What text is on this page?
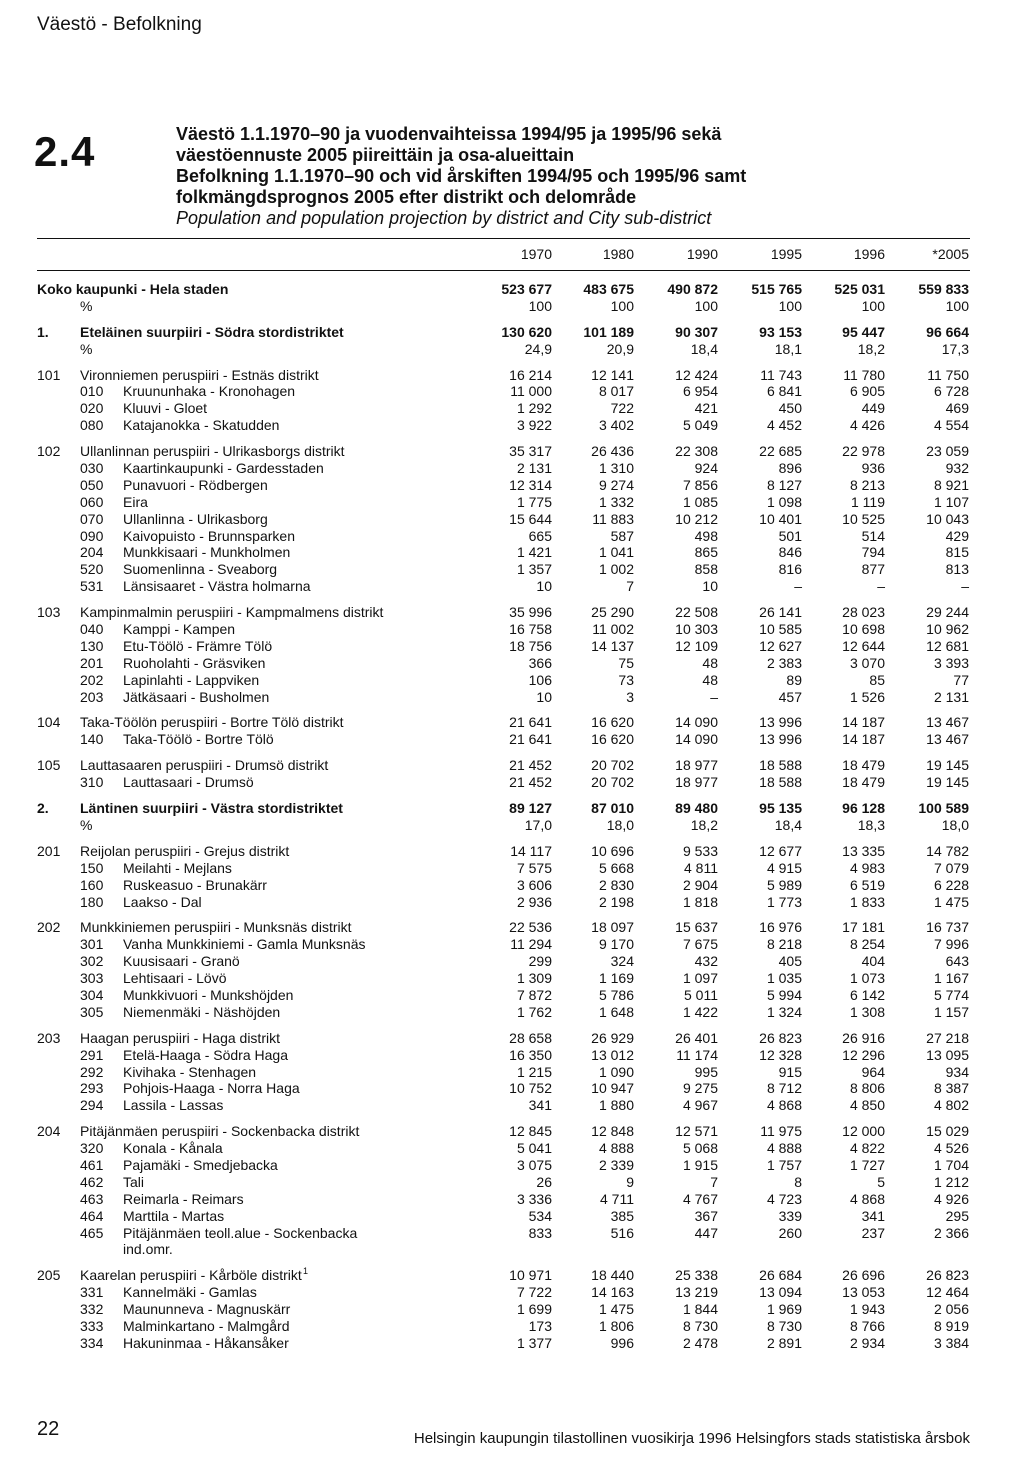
Väestö - Befolkning
2.4	Väestö 1.1.1970–90 ja vuodenvaihteissa 1994/95 ja 1995/96 sekä
väestöennuste 2005 piireittäin ja osa-alueittain
Befolkning 1.1.1970–90 och vid årskiften 1994/95 och 1995/96 samt
folkmängdsprognos 2005 efter distrikt och delområde
Population and population projection by district and City sub-district
1970	1980	1990	1995	1996	*2005
Koko kaupunki - Hela staden	523 677	483 675	490 872	515 765	525 031	559 833
%	100	100	100	100	100	100
1. Eteläinen suurpiiri - Södra stordistriktet	130 620	101 189	90 307	93 153	95 447	96 664
%	24,9	20,9	18,4	18,1	18,2	17,3
101 Vironniemen peruspiiri - Estnäs distrikt	16 214	12 141	12 424	11 743	11 780	11 750
010 Kruununhaka - Kronohagen	11 000	8 017	6 954	6 841	6 905	6 728
020 Kluuvi - Gloet	1 292	722	421	450	449	469
080 Katajanokka - Skatudden	3 922	3 402	5 049	4 452	4 426	4 554
102 Ullanlinnan peruspiiri - Ulrikasborgs distrikt	35 317	26 436	22 308	22 685	22 978	23 059
030 Kaartinkaupunki - Gardesstaden	2 131	1 310	924	896	936	932
050 Punavuori - Rödbergen	12 314	9 274	7 856	8 127	8 213	8 921
060 Eira	1 775	1 332	1 085	1 098	1 119	1 107
070 Ullanlinna - Ulrikasborg	15 644	11 883	10 212	10 401	10 525	10 043
090 Kaivopuisto - Brunnsparken	665	587	498	501	514	429
204 Munkkisaari - Munkholmen	1 421	1 041	865	846	794	815
520 Suomenlinna - Sveaborg	1 357	1 002	858	816	877	813
531 Länsisaaret - Västra holmarna	10	7	10	–	–	–
103 Kampinmalmin peruspiiri - Kampmalmens distrikt	35 996	25 290	22 508	26 141	28 023	29 244
040 Kamppi - Kampen	16 758	11 002	10 303	10 585	10 698	10 962
130 Etu-Töölö - Främre Tölö	18 756	14 137	12 109	12 627	12 644	12 681
201 Ruoholahti - Gräsviken	366	75	48	2 383	3 070	3 393
202 Lapinlahti - Lappviken	106	73	48	89	85	77
203 Jätkäsaari - Busholmen	10	3	–	457	1 526	2 131
104 Taka-Töölön peruspiiri - Bortre Tölö distrikt	21 641	16 620	14 090	13 996	14 187	13 467
140 Taka-Töölö - Bortre Tölö	21 641	16 620	14 090	13 996	14 187	13 467
105 Lauttasaaren peruspiiri - Drumsö distrikt	21 452	20 702	18 977	18 588	18 479	19 145
310 Lauttasaari - Drumsö	21 452	20 702	18 977	18 588	18 479	19 145
2. Läntinen suurpiiri - Västra stordistriktet	89 127	87 010	89 480	95 135	96 128	100 589
%	17,0	18,0	18,2	18,4	18,3	18,0
201 Reijolan peruspiiri - Grejus distrikt	14 117	10 696	9 533	12 677	13 335	14 782
150 Meilahti - Mejlans	7 575	5 668	4 811	4 915	4 983	7 079
160 Ruskeasuo - Brunakärr	3 606	2 830	2 904	5 989	6 519	6 228
180 Laakso - Dal	2 936	2 198	1 818	1 773	1 833	1 475
202 Munkkiniemen peruspiiri - Munksnäs distrikt	22 536	18 097	15 637	16 976	17 181	16 737
301 Vanha Munkkiniemi - Gamla Munksnäs	11 294	9 170	7 675	8 218	8 254	7 996
302 Kuusisaari - Granö	299	324	432	405	404	643
303 Lehtisaari - Lövö	1 309	1 169	1 097	1 035	1 073	1 167
304 Munkkivuori - Munkshöjden	7 872	5 786	5 011	5 994	6 142	5 774
305 Niemenmäki - Näshöjden	1 762	1 648	1 422	1 324	1 308	1 157
203 Haagan peruspiiri - Haga distrikt	28 658	26 929	26 401	26 823	26 916	27 218
291 Etelä-Haaga - Södra Haga	16 350	13 012	11 174	12 328	12 296	13 095
292 Kivihaka - Stenhagen	1 215	1 090	995	915	964	934
293 Pohjois-Haaga - Norra Haga	10 752	10 947	9 275	8 712	8 806	8 387
294 Lassila - Lassas	341	1 880	4 967	4 868	4 850	4 802
204 Pitäjänmäen peruspiiri - Sockenbacka distrikt	12 845	12 848	12 571	11 975	12 000	15 029
320 Konala - Kånala	5 041	4 888	5 068	4 888	4 822	4 526
461 Pajamäki - Smedjebacka	3 075	2 339	1 915	1 757	1 727	1 704
462 Tali	26	9	7	8	5	1 212
463 Reimarla - Reimars	3 336	4 711	4 767	4 723	4 868	4 926
464 Marttila - Martas	534	385	367	339	341	295
465 Pitäjänmäen teoll.alue - Sockenbacka	833	516	447	260	237	2 366
ind.omr.
205 Kaarelan peruspiiri - Kårböle distrikt 1	10 971	18 440	25 338	26 684	26 696	26 823
331 Kannelmäki - Gamlas	7 722	14 163	13 219	13 094	13 053	12 464
332 Maununneva - Magnuskärr	1 699	1 475	1 844	1 969	1 943	2 056
333 Malminkartano - Malmgård	173	1 806	8 730	8 730	8 766	8 919
334 Hakuninmaa - Håkansåker	1 377	996	2 478	2 891	2 934	3 384
22	Helsingin kaupungin tilastollinen vuosikirja 1996 Helsingfors stads statistiska årsbok
